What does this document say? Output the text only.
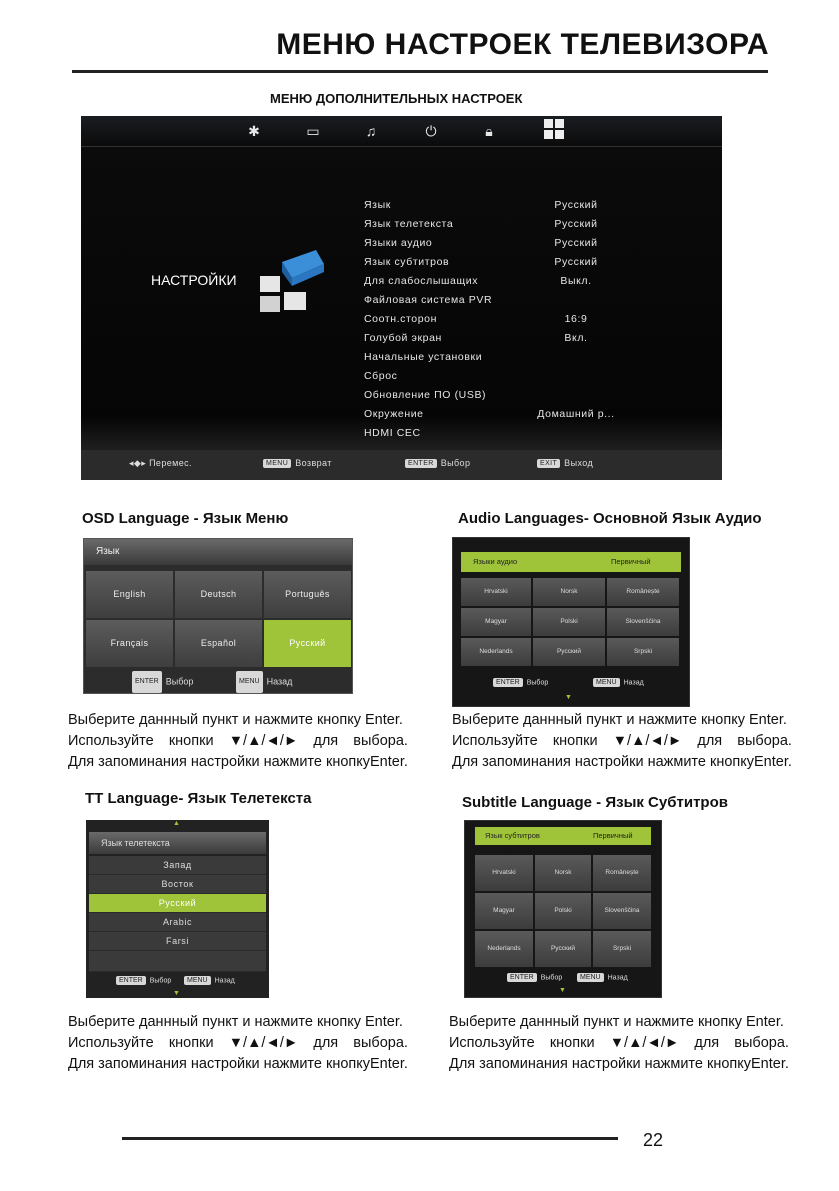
МЕНЮ НАСТРОЕК ТЕЛЕВИЗОРА
МЕНЮ ДОПОЛНИТЕЛЬНЫХ НАСТРОЕК
✱	▭	♫	⏻	🔒︎
НАСТРОЙКИ
Язык	Русский
Язык телетекста	Русский
Языки аудио	Русский
Язык субтитров	Русский
Для слабослышащих	Выкл.
Файловая система PVR
Соотн.сторон	16:9
Голубой экран	Вкл.
Начальные установки
Сброс
Обновление ПО (USB)
Окружение	Домашний р...
HDMI CEC
◂◆▸ Перемес.	MENU Возврат	ENTER Выбор	EXIT Выход
OSD Language - Язык Меню	Audio Languages- Основной Язык Аудио
TT Language- Язык Телетекста	Subtitle Language - Язык Субтитров
Язык
English	Deutsch	Português
Français	Español	Русский
ENTER Выбор	MENU Назад
Языки аудио	Первичный
Hrvatski	Norsk	Românește
Magyar	Polski	Slovenščina
Nederlands	Русский	Srpski
ENTER Выбор	MENU Назад
▼
Выберите даннный пункт и нажмите кнопку Enter.
Используйте кнопки ▼/▲/◄/► для выбора.
Для запоминания настройки нажмите кнопкуEnter.
Выберите даннный пункт и нажмите кнопку Enter.
Используйте кнопки ▼/▲/◄/► для выбора.
Для запоминания настройки нажмите кнопкуEnter.
▲
Язык телетекста
Запад
Восток
Русский
Arabic
Farsi
ENTER Выбор	MENU Назад
▼
Язык субтитров	Первичный
Hrvatski	Norsk	Românește
Magyar	Polski	Slovenščina
Nederlands	Русский	Srpski
ENTER Выбор	MENU Назад
▼
Выберите даннный пункт и нажмите кнопку Enter.
Используйте кнопки ▼/▲/◄/► для выбора.
Для запоминания настройки нажмите кнопкуEnter.
Выберите даннный пункт и нажмите кнопку Enter.
Используйте кнопки ▼/▲/◄/► для выбора.
Для запоминания настройки нажмите кнопкуEnter.
22
